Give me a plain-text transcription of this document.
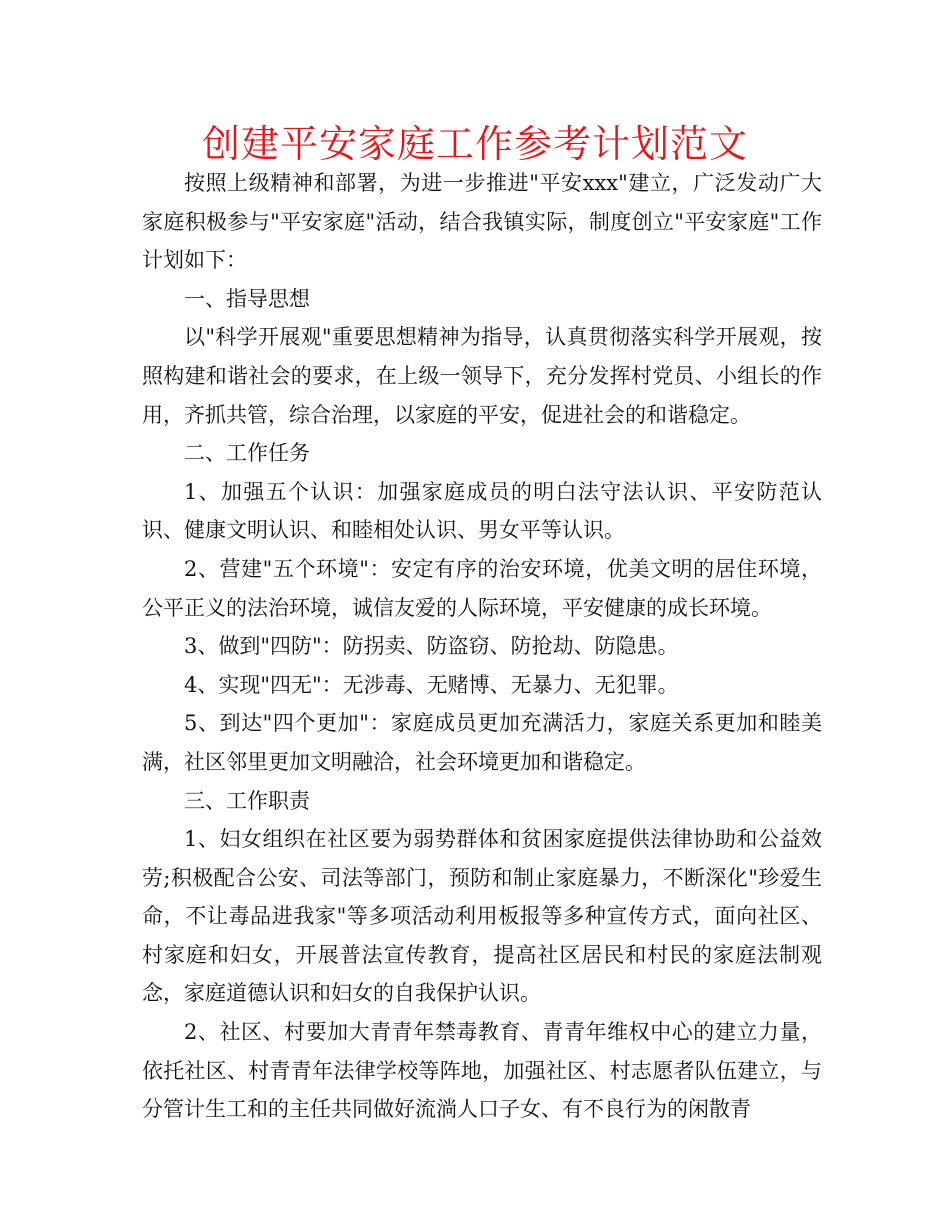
创建平安家庭工作参考计划范文

按照上级精神和部署，为进一步推进"平安xxx"建立，广泛发动广大家庭积极参与"平安家庭"活动，结合我镇实际，制度创立"平安家庭"工作计划如下：

一、指导思想

以"科学开展观"重要思想精神为指导，认真贯彻落实科学开展观，按照构建和谐社会的要求，在上级一领导下，充分发挥村党员、小组长的作用，齐抓共管，综合治理，以家庭的平安，促进社会的和谐稳定。

二、工作任务

1、加强五个认识：加强家庭成员的明白法守法认识、平安防范认识、健康文明认识、和睦相处认识、男女平等认识。

2、营建"五个环境"：安定有序的治安环境，优美文明的居住环境，公平正义的法治环境，诚信友爱的人际环境，平安健康的成长环境。

3、做到"四防"：防拐卖、防盗窃、防抢劫、防隐患。

4、实现"四无"：无涉毒、无赌博、无暴力、无犯罪。

5、到达"四个更加"：家庭成员更加充满活力，家庭关系更加和睦美满，社区邻里更加文明融洽，社会环境更加和谐稳定。

三、工作职责

1、妇女组织在社区要为弱势群体和贫困家庭提供法律协助和公益效劳;积极配合公安、司法等部门，预防和制止家庭暴力，不断深化"珍爱生命，不让毒品进我家"等多项活动利用板报等多种宣传方式，面向社区、村家庭和妇女，开展普法宣传教育，提高社区居民和村民的家庭法制观念，家庭道德认识和妇女的自我保护认识。

2、社区、村要加大青青年禁毒教育、青青年维权中心的建立力量，依托社区、村青青年法律学校等阵地，加强社区、村志愿者队伍建立，与分管计生工和的主任共同做好流淌人口子女、有不良行为的闲散青
